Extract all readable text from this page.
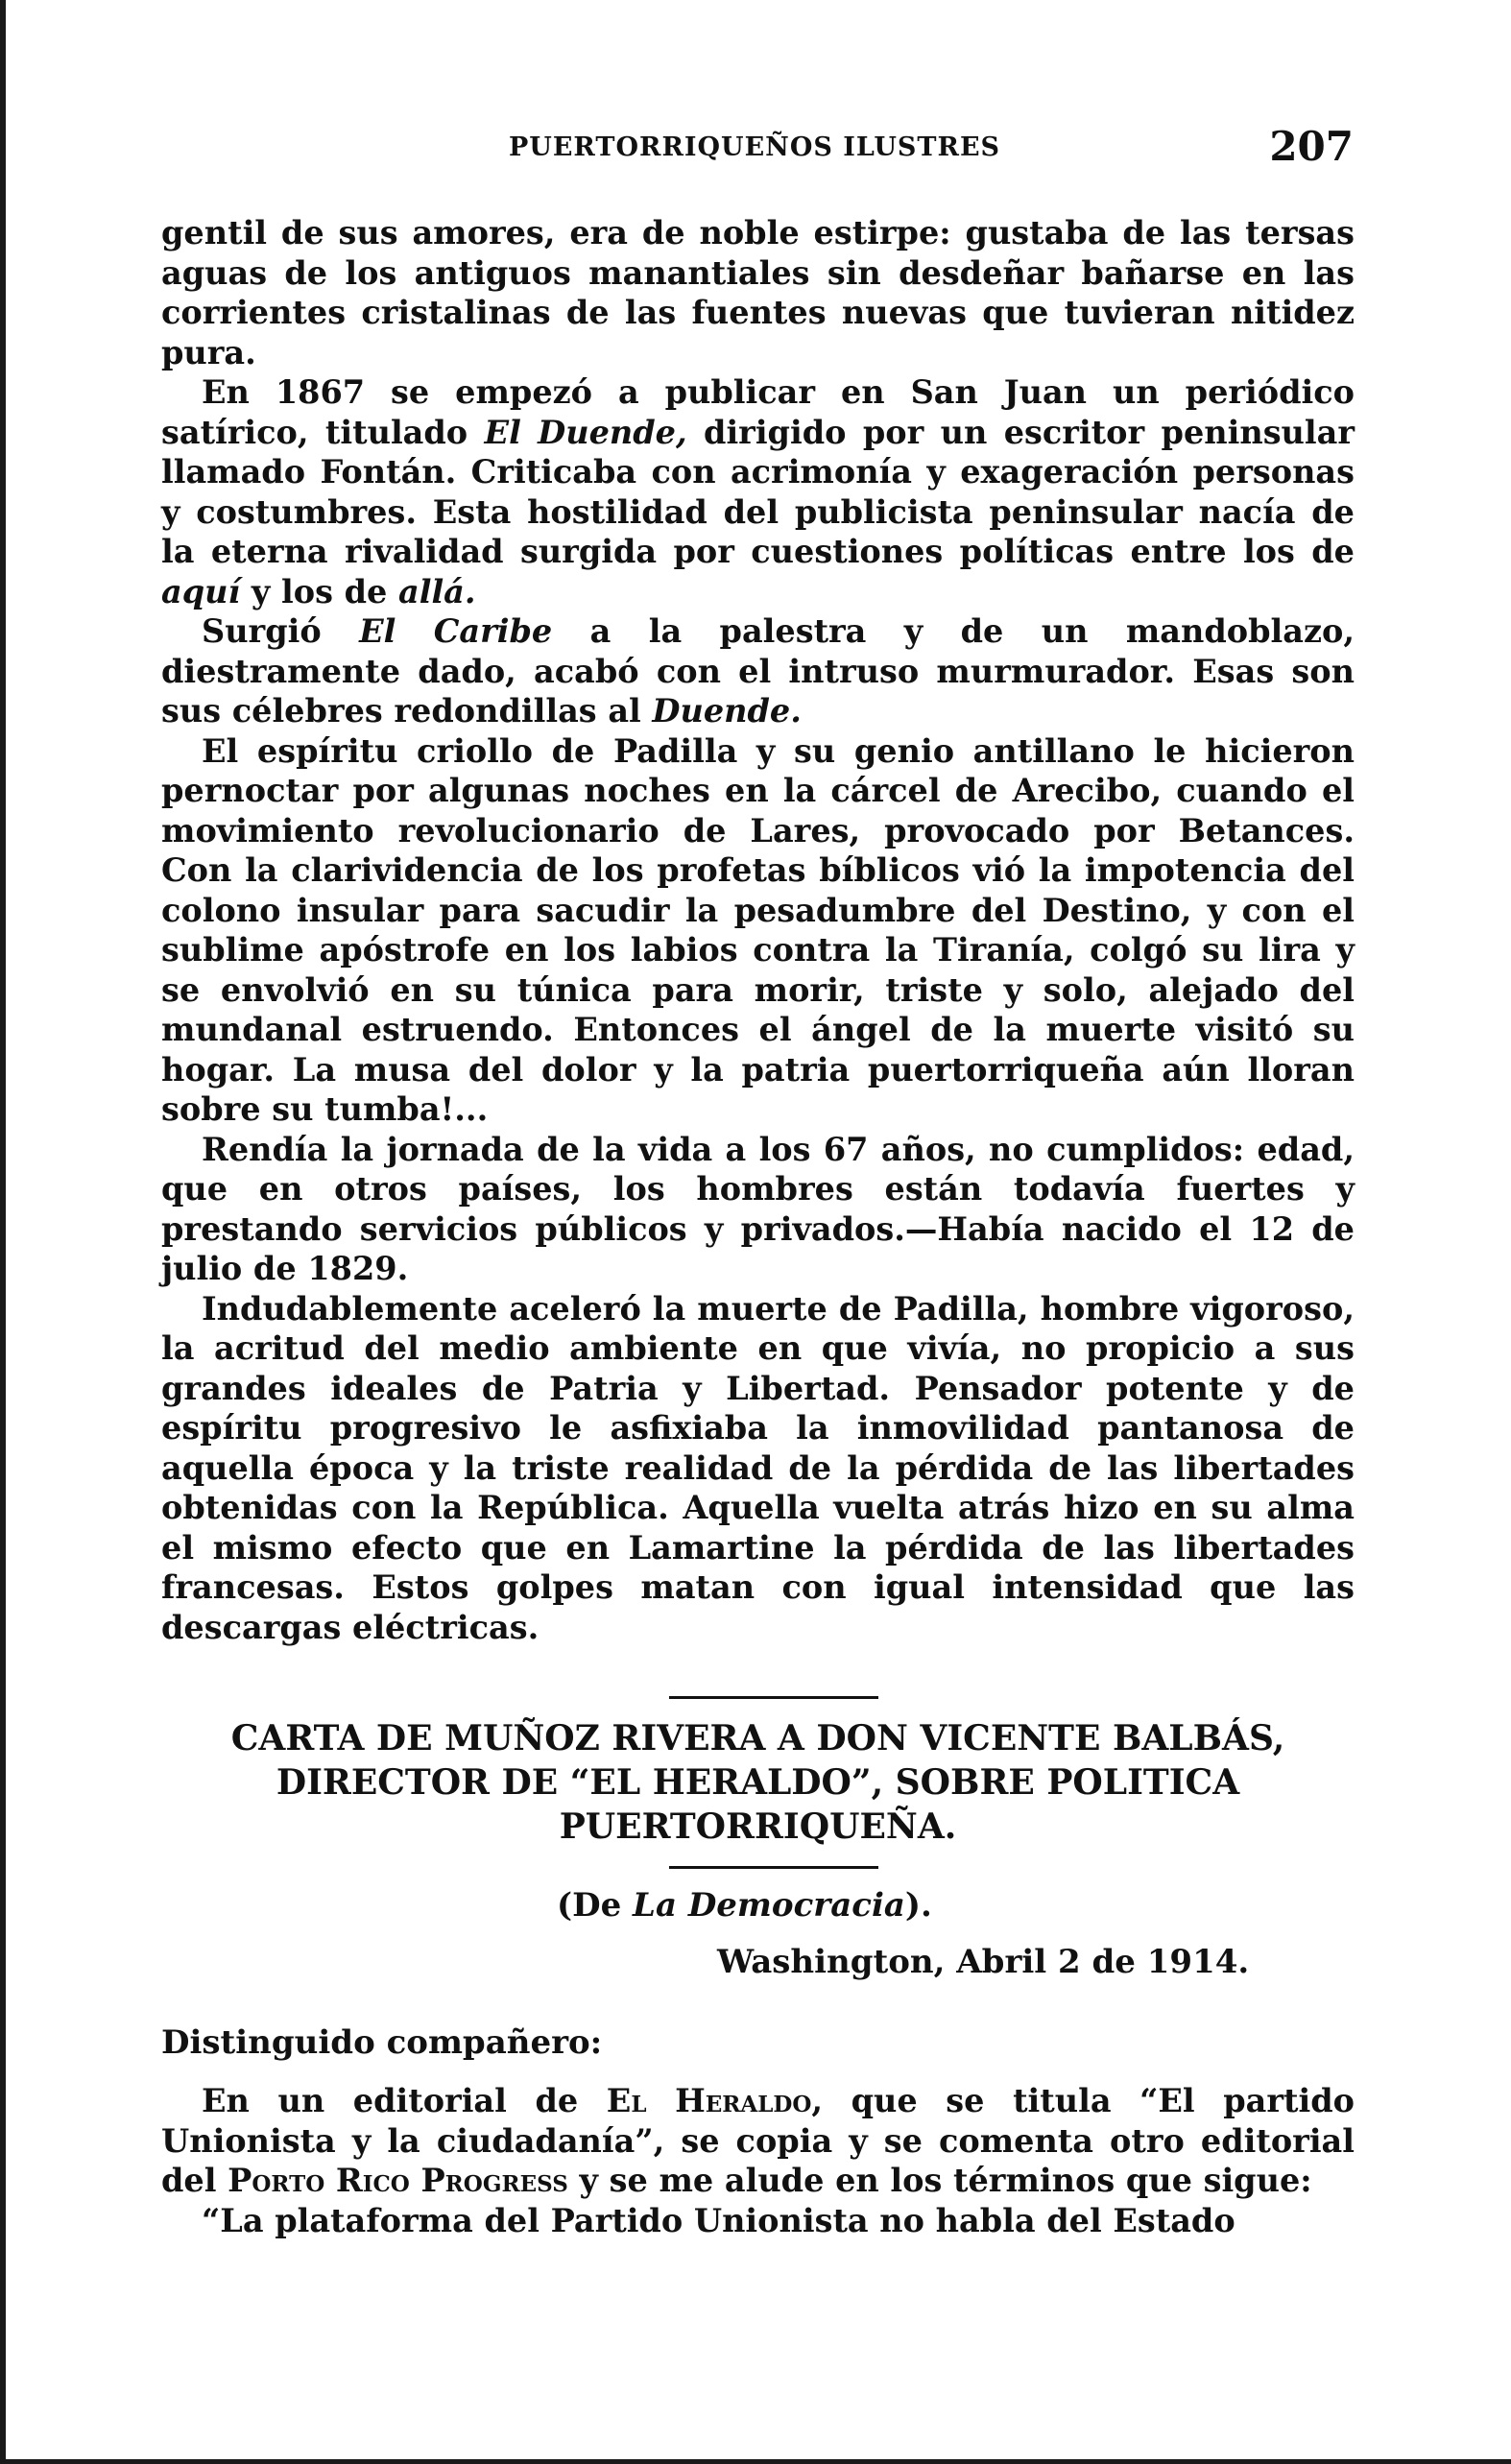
PUERTORRIQUEÑOS ILUSTRES	207

gentil de sus amores, era de noble estirpe: gustaba de las tersas aguas de los antiguos manantiales sin desdeñar bañarse en las corrientes cristalinas de las fuentes nuevas que tuvieran nitidez pura.

En 1867 se empezó a publicar en San Juan un periódico satírico, titulado El Duende, dirigido por un escritor peninsular llamado Fontán. Criticaba con acrimonía y exageración personas y costumbres. Esta hostilidad del publicista peninsular nacía de la eterna rivalidad surgida por cuestiones políticas entre los de aquí y los de allá.

Surgió El Caribe a la palestra y de un mandoblazo, diestramente dado, acabó con el intruso murmurador. Esas son sus célebres redondillas al Duende.

El espíritu criollo de Padilla y su genio antillano le hicieron pernoctar por algunas noches en la cárcel de Arecibo, cuando el movimiento revolucionario de Lares, provocado por Betances. Con la clarividencia de los profetas bíblicos vió la impotencia del colono insular para sacudir la pesadumbre del Destino, y con el sublime apóstrofe en los labios contra la Tiranía, colgó su lira y se envolvió en su túnica para morir, triste y solo, alejado del mundanal estruendo. Entonces el ángel de la muerte visitó su hogar. La musa del dolor y la patria puertorriqueña aún lloran sobre su tumba!...

Rendía la jornada de la vida a los 67 años, no cumplidos: edad, que en otros países, los hombres están todavía fuertes y prestando servicios públicos y privados.—Había nacido el 12 de julio de 1829.

Indudablemente aceleró la muerte de Padilla, hombre vigoroso, la acritud del medio ambiente en que vivía, no propicio a sus grandes ideales de Patria y Libertad. Pensador potente y de espíritu progresivo le asfixiaba la inmovilidad pantanosa de aquella época y la triste realidad de la pérdida de las libertades obtenidas con la República. Aquella vuelta atrás hizo en su alma el mismo efecto que en Lamartine la pérdida de las libertades francesas. Estos golpes matan con igual intensidad que las descargas eléctricas.

CARTA DE MUÑOZ RIVERA A DON VICENTE BALBÁS,
DIRECTOR DE “EL HERALDO”, SOBRE POLITICA
PUERTORRIQUEÑA.
(De La Democracia).
Washington, Abril 2 de 1914.
Distinguido compañero:

En un editorial de El Heraldo, que se titula “El partido Unionista y la ciudadanía”, se copia y se comenta otro editorial del Porto Rico Progress y se me alude en los términos que sigue:

“La plataforma del Partido Unionista no habla del Estado
